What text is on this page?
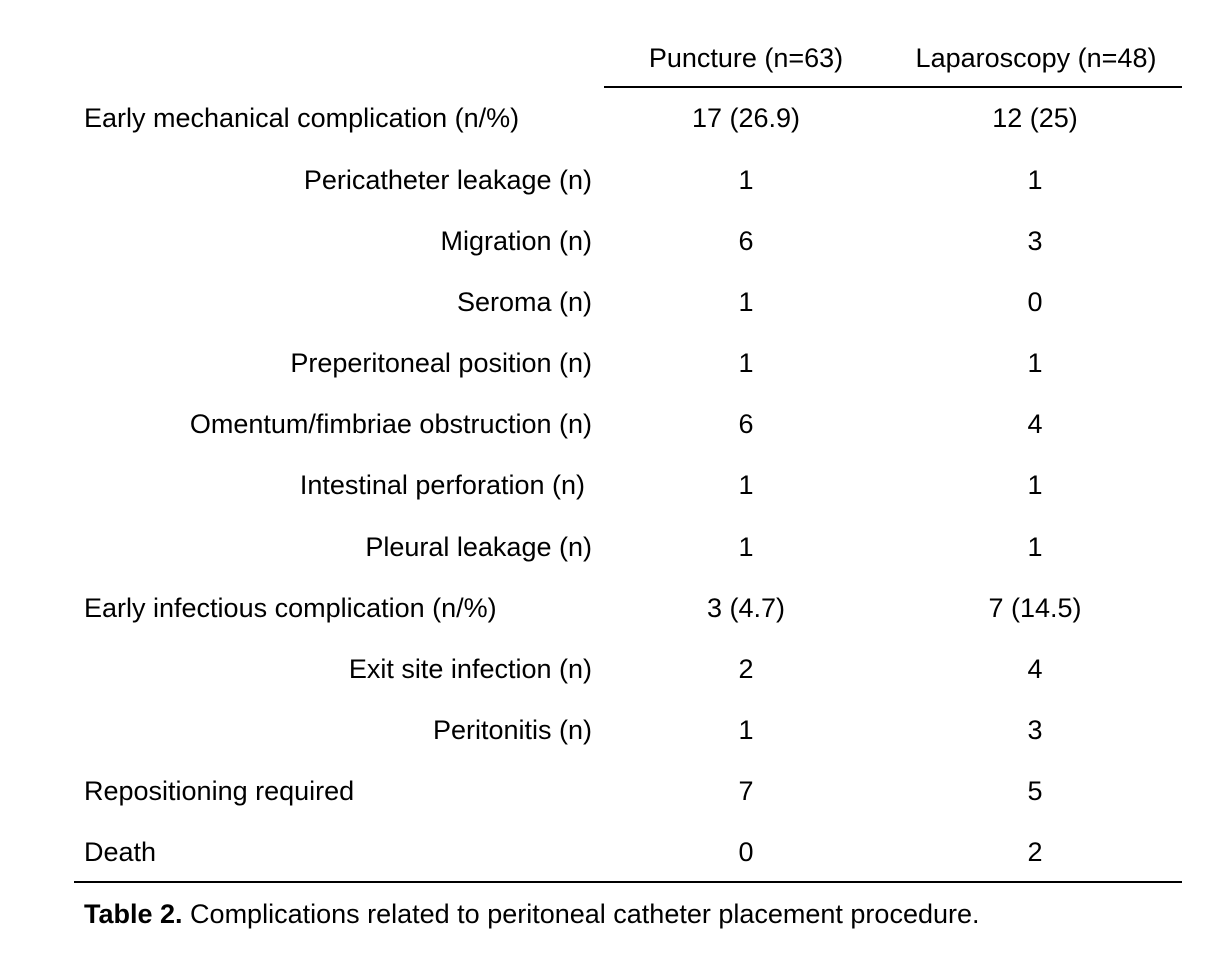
Puncture (n=63)	Laparoscopy (n=48)
Early mechanical complication (n/%)	17 (26.9)	12 (25)
Pericatheter leakage (n)	1	1
Migration (n)	6	3
Seroma (n)	1	0
Preperitoneal position (n)	1	1
Omentum/fimbriae obstruction (n)	6	4
Intestinal perforation (n)	1	1
Pleural leakage (n)	1	1
Early infectious complication (n/%)	3 (4.7)	7 (14.5)
Exit site infection (n)	2	4
Peritonitis (n)	1	3
Repositioning required	7	5
Death	0	2
Table 2. Complications related to peritoneal catheter placement procedure.
